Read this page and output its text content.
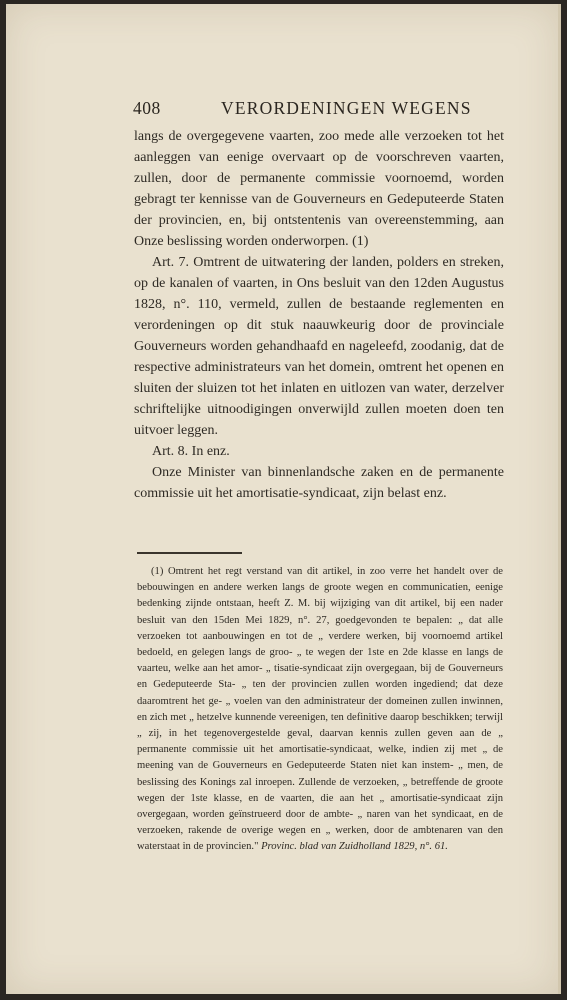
408	VERORDENINGEN WEGENS

langs de overgegevene vaarten, zoo mede alle verzoeken tot het aanleggen van eenige overvaart op de voorschreven vaarten, zullen, door de permanente commissie voornoemd, worden gebragt ter kennisse van de Gouverneurs en Gedeputeerde Staten der provincien, en, bij ontstentenis van overeenstemming, aan Onze beslissing worden onderworpen. (1)

Art. 7. Omtrent de uitwatering der landen, polders en streken, op de kanalen of vaarten, in Ons besluit van den 12den Augustus 1828, n°. 110, vermeld, zullen de bestaande reglementen en verordeningen op dit stuk naauwkeurig door de provinciale Gouverneurs worden gehandhaafd en nageleefd, zoodanig, dat de respective administrateurs van het domein, omtrent het openen en sluiten der sluizen tot het inlaten en uitlozen van water, derzelver schriftelijke uitnoodigingen onverwijld zullen moeten doen ten uitvoer leggen.

Art. 8. In enz.

Onze Minister van binnenlandsche zaken en de permanente commissie uit het amortisatie-syndicaat, zijn belast enz.

(1) Omtrent het regt verstand van dit artikel, in zoo verre het handelt over de bebouwingen en andere werken langs de groote wegen en communicatien, eenige bedenking zijnde ontstaan, heeft Z. M. bij wijziging van dit artikel, bij een nader besluit van den 15den Mei 1829, n°. 27, goedgevonden te bepalen: „ dat alle verzoeken tot aanbouwingen en tot de „ verdere werken, bij voornoemd artikel bedoeld, en gelegen langs de groo- „ te wegen der 1ste en 2de klasse en langs de vaarteu, welke aan het amor- „ tisatie-syndicaat zijn overgegaan, bij de Gouverneurs en Gedeputeerde Sta- „ ten der provincien zullen worden ingediend; dat deze daaromtrent het ge- „ voelen van den administrateur der domeinen zullen inwinnen, en zich met „ hetzelve kunnende vereenigen, ten definitive daarop beschikken; terwijl „ zij, in het tegenovergestelde geval, daarvan kennis zullen geven aan de „ permanente commissie uit het amortisatie-syndicaat, welke, indien zij met „ de meening van de Gouverneurs en Gedeputeerde Staten niet kan instem- „ men, de beslissing des Konings zal inroepen. Zullende de verzoeken, „ betreffende de groote wegen der 1ste klasse, en de vaarten, die aan het „ amortisatie-syndicaat zijn overgegaan, worden geïnstrueerd door de ambte- „ naren van het syndicaat, en de verzoeken, rakende de overige wegen en „ werken, door de ambtenaren van den waterstaat in de provincien." Provinc. blad van Zuidholland 1829, n°. 61.
